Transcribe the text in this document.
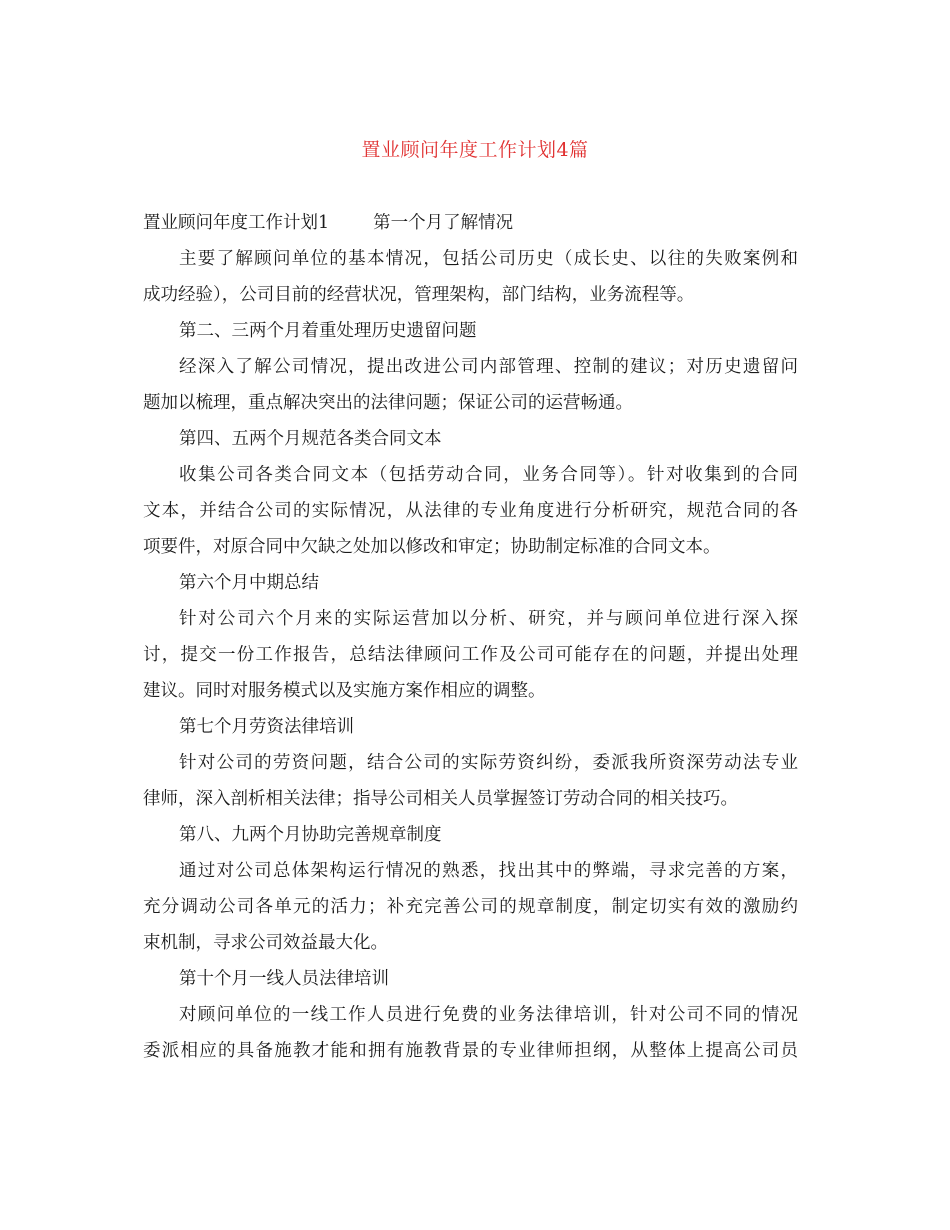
置业顾问年度工作计划4篇
置业顾问年度工作计划1	第一个月了解情况
主要了解顾问单位的基本情况，包括公司历史（成长史、以往的失败案例和
成功经验），公司目前的经营状况，管理架构，部门结构，业务流程等。
第二、三两个月着重处理历史遗留问题
经深入了解公司情况，提出改进公司内部管理、控制的建议；对历史遗留问
题加以梳理，重点解决突出的法律问题；保证公司的运营畅通。
第四、五两个月规范各类合同文本
收集公司各类合同文本（包括劳动合同，业务合同等）。针对收集到的合同
文本，并结合公司的实际情况，从法律的专业角度进行分析研究，规范合同的各
项要件，对原合同中欠缺之处加以修改和审定；协助制定标准的合同文本。
第六个月中期总结
针对公司六个月来的实际运营加以分析、研究，并与顾问单位进行深入探
讨，提交一份工作报告，总结法律顾问工作及公司可能存在的问题，并提出处理
建议。同时对服务模式以及实施方案作相应的调整。
第七个月劳资法律培训
针对公司的劳资问题，结合公司的实际劳资纠纷，委派我所资深劳动法专业
律师，深入剖析相关法律；指导公司相关人员掌握签订劳动合同的相关技巧。
第八、九两个月协助完善规章制度
通过对公司总体架构运行情况的熟悉，找出其中的弊端，寻求完善的方案，
充分调动公司各单元的活力；补充完善公司的规章制度，制定切实有效的激励约
束机制，寻求公司效益最大化。
第十个月一线人员法律培训
对顾问单位的一线工作人员进行免费的业务法律培训，针对公司不同的情况
委派相应的具备施教才能和拥有施教背景的专业律师担纲，从整体上提高公司员
